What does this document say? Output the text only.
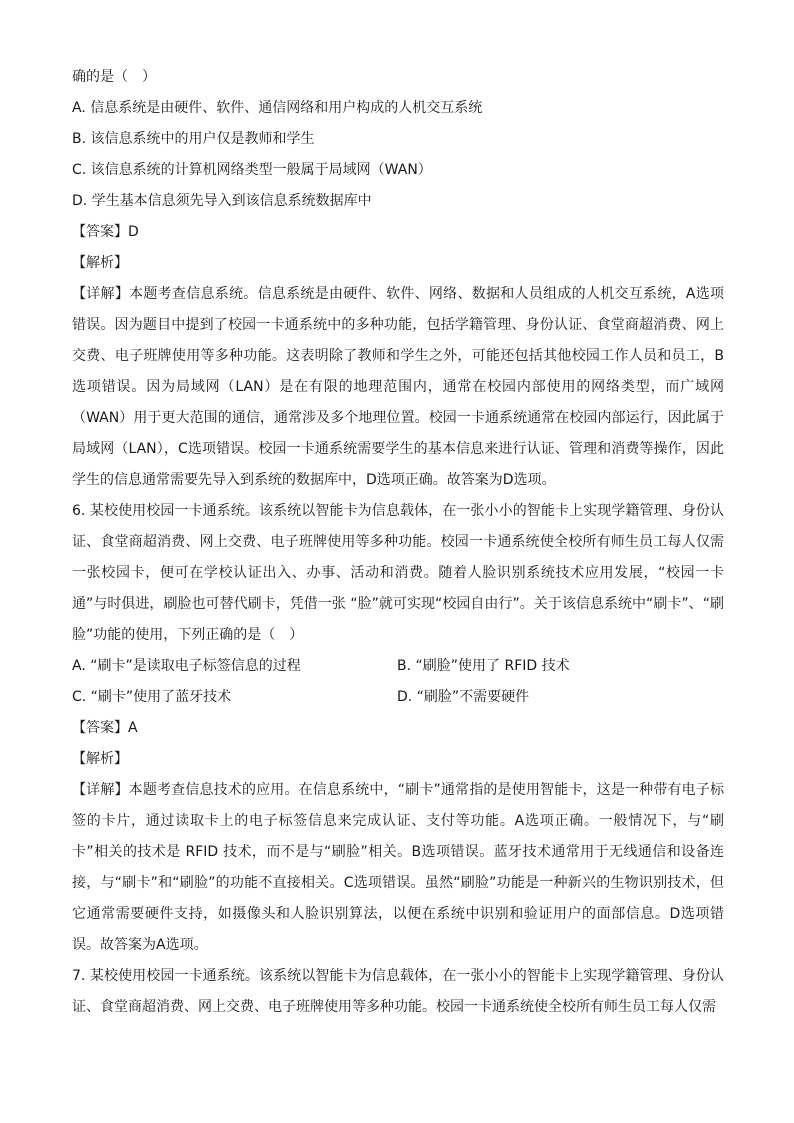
确的是（　）
A. 信息系统是由硬件、软件、通信网络和用户构成的人机交互系统
B. 该信息系统中的用户仅是教师和学生
C. 该信息系统的计算机网络类型一般属于局域网（WAN）
D. 学生基本信息须先导入到该信息系统数据库中
【答案】D
【解析】

【详解】本题考查信息系统。信息系统是由硬件、软件、网络、数据和人员组成的人机交互系统，A选项错误。因为题目中提到了校园一卡通系统中的多种功能，包括学籍管理、身份认证、食堂商超消费、网上交费、电子班牌使用等多种功能。这表明除了教师和学生之外，可能还包括其他校园工作人员和员工，B选项错误。因为局域网（LAN）是在有限的地理范围内，通常在校园内部使用的网络类型，而广域网（WAN）用于更大范围的通信，通常涉及多个地理位置。校园一卡通系统通常在校园内部运行，因此属于局域网（LAN），C选项错误。校园一卡通系统需要学生的基本信息来进行认证、管理和消费等操作，因此学生的信息通常需要先导入到系统的数据库中，D选项正确。故答案为D选项。

6. 某校使用校园一卡通系统。该系统以智能卡为信息载体，在一张小小的智能卡上实现学籍管理、身份认证、食堂商超消费、网上交费、电子班牌使用等多种功能。校园一卡通系统使全校所有师生员工每人仅需一张校园卡，便可在学校认证出入、办事、活动和消费。随着人脸识别系统技术应用发展，“校园一卡通”与时俱进，刷脸也可替代刷卡，凭借一张 “脸”就可实现“校园自由行”。关于该信息系统中“刷卡”、“刷脸”功能的使用，下列正确的是（　）

A. “刷卡”是读取电子标签信息的过程	B. “刷脸”使用了 RFID 技术
C. “刷卡”使用了蓝牙技术	D. “刷脸”不需要硬件
【答案】A
【解析】

【详解】本题考查信息技术的应用。在信息系统中，“刷卡”通常指的是使用智能卡，这是一种带有电子标签的卡片，通过读取卡上的电子标签信息来完成认证、支付等功能。A选项正确。一般情况下，与“刷卡”相关的技术是 RFID 技术，而不是与“刷脸”相关。B选项错误。蓝牙技术通常用于无线通信和设备连接，与“刷卡”和“刷脸”的功能不直接相关。C选项错误。虽然“刷脸”功能是一种新兴的生物识别技术，但它通常需要硬件支持，如摄像头和人脸识别算法，以便在系统中识别和验证用户的面部信息。D选项错误。故答案为A选项。

7. 某校使用校园一卡通系统。该系统以智能卡为信息载体，在一张小小的智能卡上实现学籍管理、身份认证、食堂商超消费、网上交费、电子班牌使用等多种功能。校园一卡通系统使全校所有师生员工每人仅需
